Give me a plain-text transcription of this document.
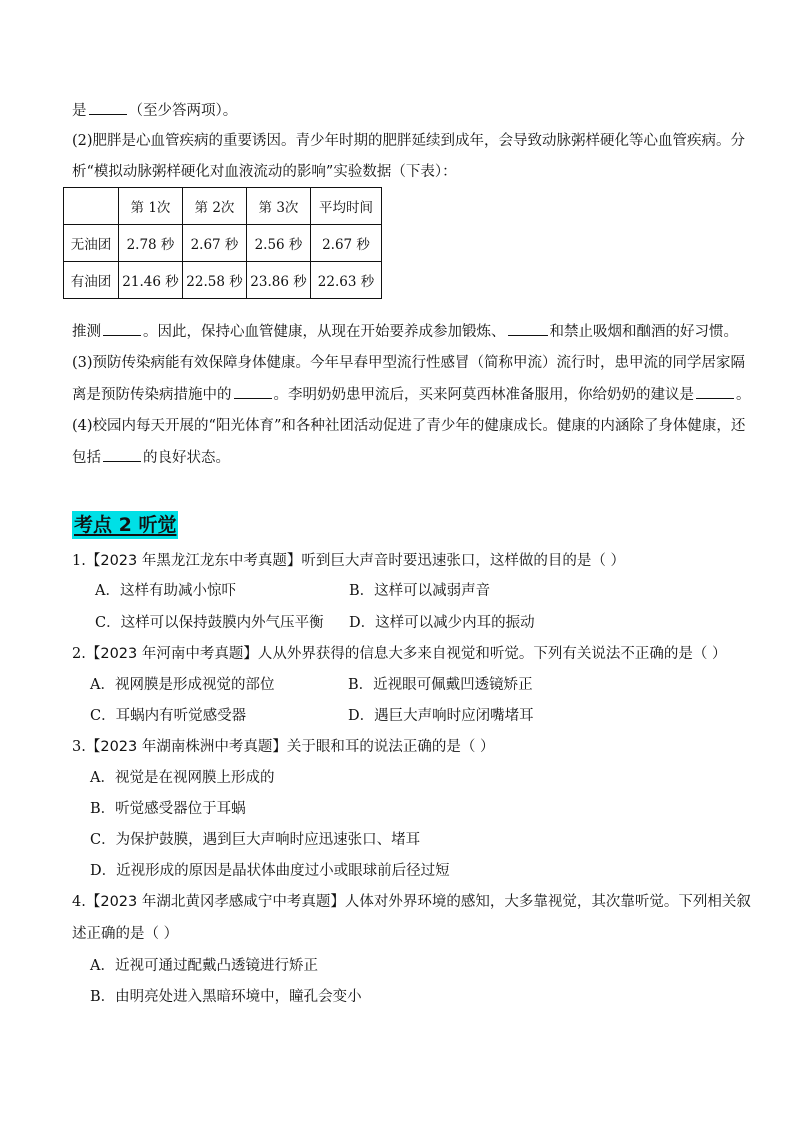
是	（至少答两项）。
(2)肥胖是心血管疾病的重要诱因。青少年时期的肥胖延续到成年，会导致动脉粥样硬化等心血管疾病。分
析“模拟动脉粥样硬化对血液流动的影响”实验数据（下表）：
	第 1次	第 2次	第 3次	平均时间
无油团	2.78 秒	2.67 秒	2.56 秒	2.67 秒
有油团	21.46 秒	22.58 秒	23.86 秒	22.63 秒
推测	。因此，保持心血管健康，从现在开始要养成参加锻炼、	和禁止吸烟和酗酒的好习惯。
(3)预防传染病能有效保障身体健康。今年早春甲型流行性感冒（简称甲流）流行时，患甲流的同学居家隔
离是预防传染病措施中的	。李明奶奶患甲流后，买来阿莫西林准备服用，你给奶奶的建议是	。
(4)校园内每天开展的“阳光体育”和各种社团活动促进了青少年的健康成长。健康的内涵除了身体健康，还
包括	的良好状态。
考点 2 听觉
1.【2023 年黑龙江龙东中考真题】听到巨大声音时要迅速张口，这样做的目的是（ ）
A．这样有助减小惊吓	B．这样可以减弱声音
C．这样可以保持鼓膜内外气压平衡 D．这样可以减少内耳的振动
2.【2023 年河南中考真题】人从外界获得的信息大多来自视觉和听觉。下列有关说法不正确的是（ ）
A．视网膜是形成视觉的部位	B．近视眼可佩戴凹透镜矫正
C．耳蜗内有听觉感受器	D．遇巨大声响时应闭嘴堵耳
3.【2023 年湖南株洲中考真题】关于眼和耳的说法正确的是（ ）
A．视觉是在视网膜上形成的
B．听觉感受器位于耳蜗
C．为保护鼓膜，遇到巨大声响时应迅速张口、堵耳
D．近视形成的原因是晶状体曲度过小或眼球前后径过短
4.【2023 年湖北黄冈孝感咸宁中考真题】人体对外界环境的感知，大多靠视觉，其次靠听觉。下列相关叙
述正确的是（ ）
A．近视可通过配戴凸透镜进行矫正
B．由明亮处进入黑暗环境中，瞳孔会变小
